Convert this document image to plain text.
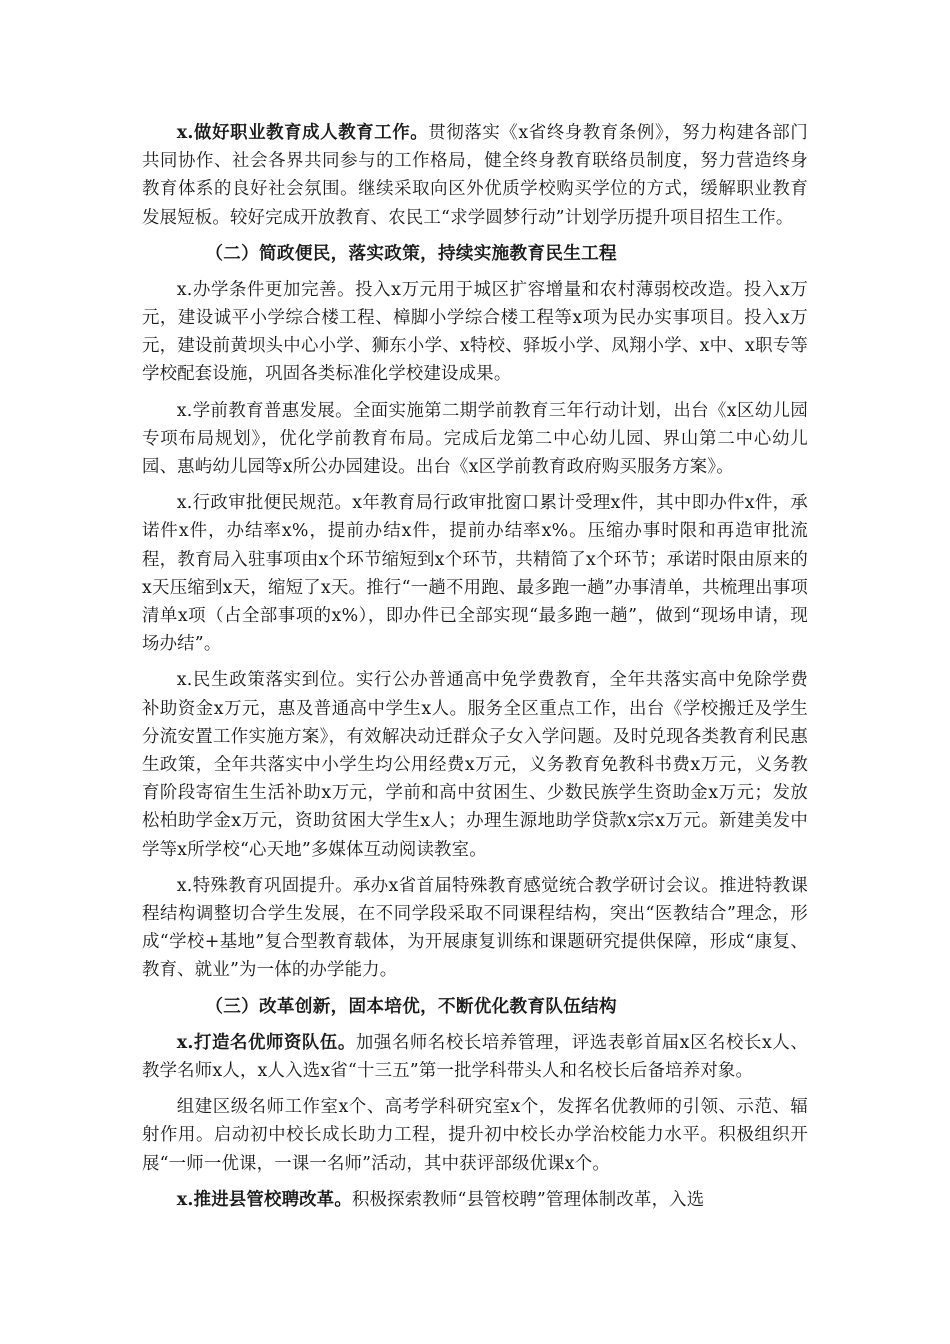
x.做好职业教育成人教育工作。贯彻落实《x省终身教育条例》，努力构建各部门共同协作、社会各界共同参与的工作格局，健全终身教育联络员制度，努力营造终身教育体系的良好社会氛围。继续采取向区外优质学校购买学位的方式，缓解职业教育发展短板。较好完成开放教育、农民工“求学圆梦行动”计划学历提升项目招生工作。

（二）简政便民，落实政策，持续实施教育民生工程

x.办学条件更加完善。投入x万元用于城区扩容增量和农村薄弱校改造。投入x万元，建设诚平小学综合楼工程、樟脚小学综合楼工程等x项为民办实事项目。投入x万元，建设前黄坝头中心小学、狮东小学、x特校、驿坂小学、凤翔小学、x中、x职专等学校配套设施，巩固各类标准化学校建设成果。

x.学前教育普惠发展。全面实施第二期学前教育三年行动计划，出台《x区幼儿园专项布局规划》，优化学前教育布局。完成后龙第二中心幼儿园、界山第二中心幼儿园、惠屿幼儿园等x所公办园建设。出台《x区学前教育政府购买服务方案》。

x.行政审批便民规范。x年教育局行政审批窗口累计受理x件，其中即办件x件，承诺件x件，办结率x%，提前办结x件，提前办结率x%。压缩办事时限和再造审批流程，教育局入驻事项由x个环节缩短到x个环节，共精简了x个环节；承诺时限由原来的x天压缩到x天，缩短了x天。推行“一趟不用跑、最多跑一趟”办事清单，共梳理出事项清单x项（占全部事项的x%），即办件已全部实现“最多跑一趟”，做到“现场申请，现场办结”。

x.民生政策落实到位。实行公办普通高中免学费教育，全年共落实高中免除学费补助资金x万元，惠及普通高中学生x人。服务全区重点工作，出台《学校搬迁及学生分流安置工作实施方案》，有效解决动迁群众子女入学问题。及时兑现各类教育利民惠生政策，全年共落实中小学生均公用经费x万元，义务教育免教科书费x万元，义务教育阶段寄宿生生活补助x万元，学前和高中贫困生、少数民族学生资助金x万元；发放松柏助学金x万元，资助贫困大学生x人；办理生源地助学贷款x宗x万元。新建美发中学等x所学校“心天地”多媒体互动阅读教室。

x.特殊教育巩固提升。承办x省首届特殊教育感觉统合教学研讨会议。推进特教课程结构调整切合学生发展，在不同学段采取不同课程结构，突出“医教结合”理念，形成“学校+基地”复合型教育载体，为开展康复训练和课题研究提供保障，形成“康复、教育、就业”为一体的办学能力。

（三）改革创新，固本培优，不断优化教育队伍结构

x.打造名优师资队伍。加强名师名校长培养管理，评选表彰首届x区名校长x人、教学名师x人，x人入选x省“十三五”第一批学科带头人和名校长后备培养对象。

组建区级名师工作室x个、高考学科研究室x个，发挥名优教师的引领、示范、辐射作用。启动初中校长成长助力工程，提升初中校长办学治校能力水平。积极组织开展“一师一优课，一课一名师”活动，其中获评部级优课x个。

x.推进县管校聘改革。积极探索教师“县管校聘”管理体制改革，入选
